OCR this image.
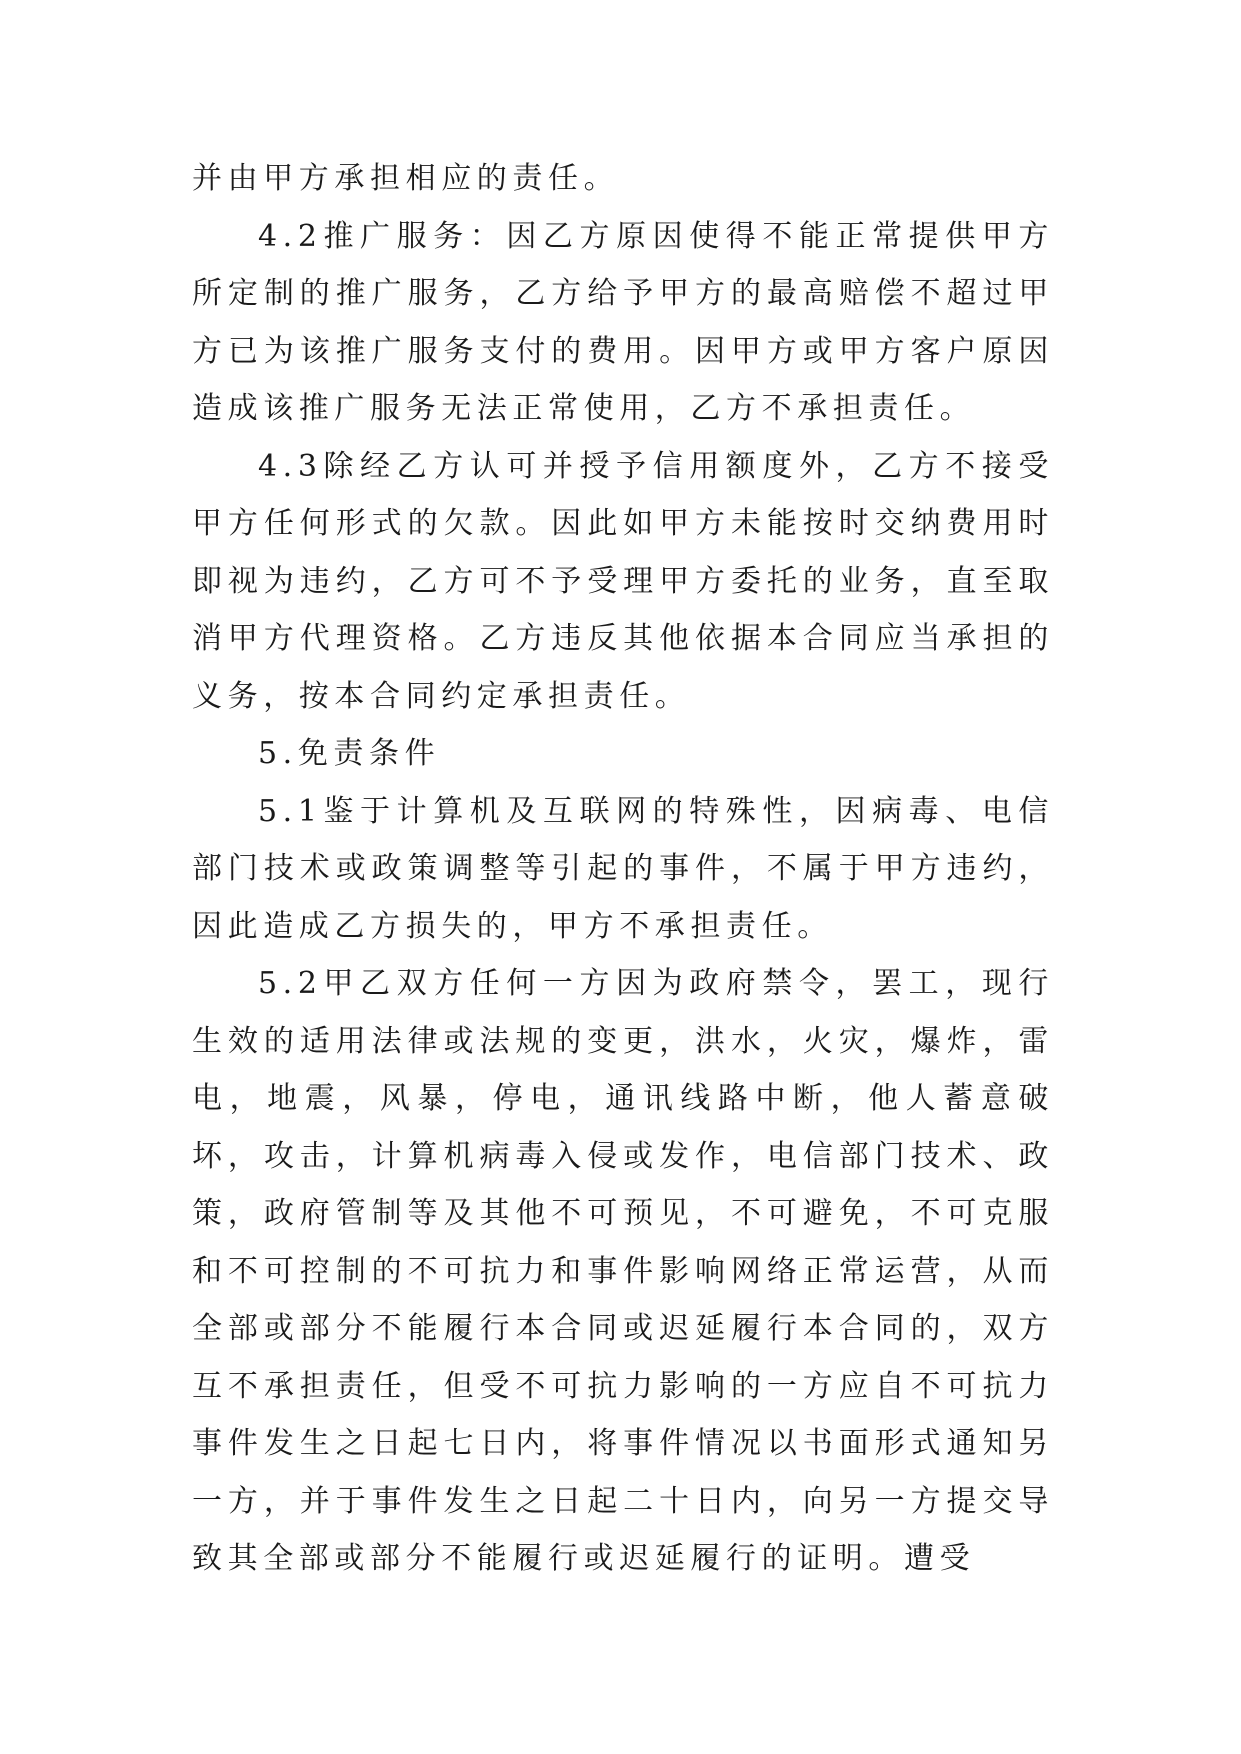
并由甲方承担相应的责任。

4.2推广服务：因乙方原因使得不能正常提供甲方所定制的推广服务，乙方给予甲方的最高赔偿不超过甲方已为该推广服务支付的费用。因甲方或甲方客户原因造成该推广服务无法正常使用，乙方不承担责任。

4.3除经乙方认可并授予信用额度外，乙方不接受甲方任何形式的欠款。因此如甲方未能按时交纳费用时即视为违约，乙方可不予受理甲方委托的业务，直至取消甲方代理资格。乙方违反其他依据本合同应当承担的义务，按本合同约定承担责任。

5.免责条件

5.1鉴于计算机及互联网的特殊性，因病毒、电信部门技术或政策调整等引起的事件，不属于甲方违约，因此造成乙方损失的，甲方不承担责任。

5.2甲乙双方任何一方因为政府禁令，罢工，现行生效的适用法律或法规的变更，洪水，火灾，爆炸，雷电，地震，风暴，停电，通讯线路中断，他人蓄意破坏，攻击，计算机病毒入侵或发作，电信部门技术、政策，政府管制等及其他不可预见，不可避免，不可克服和不可控制的不可抗力和事件影响网络正常运营，从而全部或部分不能履行本合同或迟延履行本合同的，双方互不承担责任，但受不可抗力影响的一方应自不可抗力事件发生之日起七日内，将事件情况以书面形式通知另一方，并于事件发生之日起二十日内，向另一方提交导致其全部或部分不能履行或迟延履行的证明。遭受
